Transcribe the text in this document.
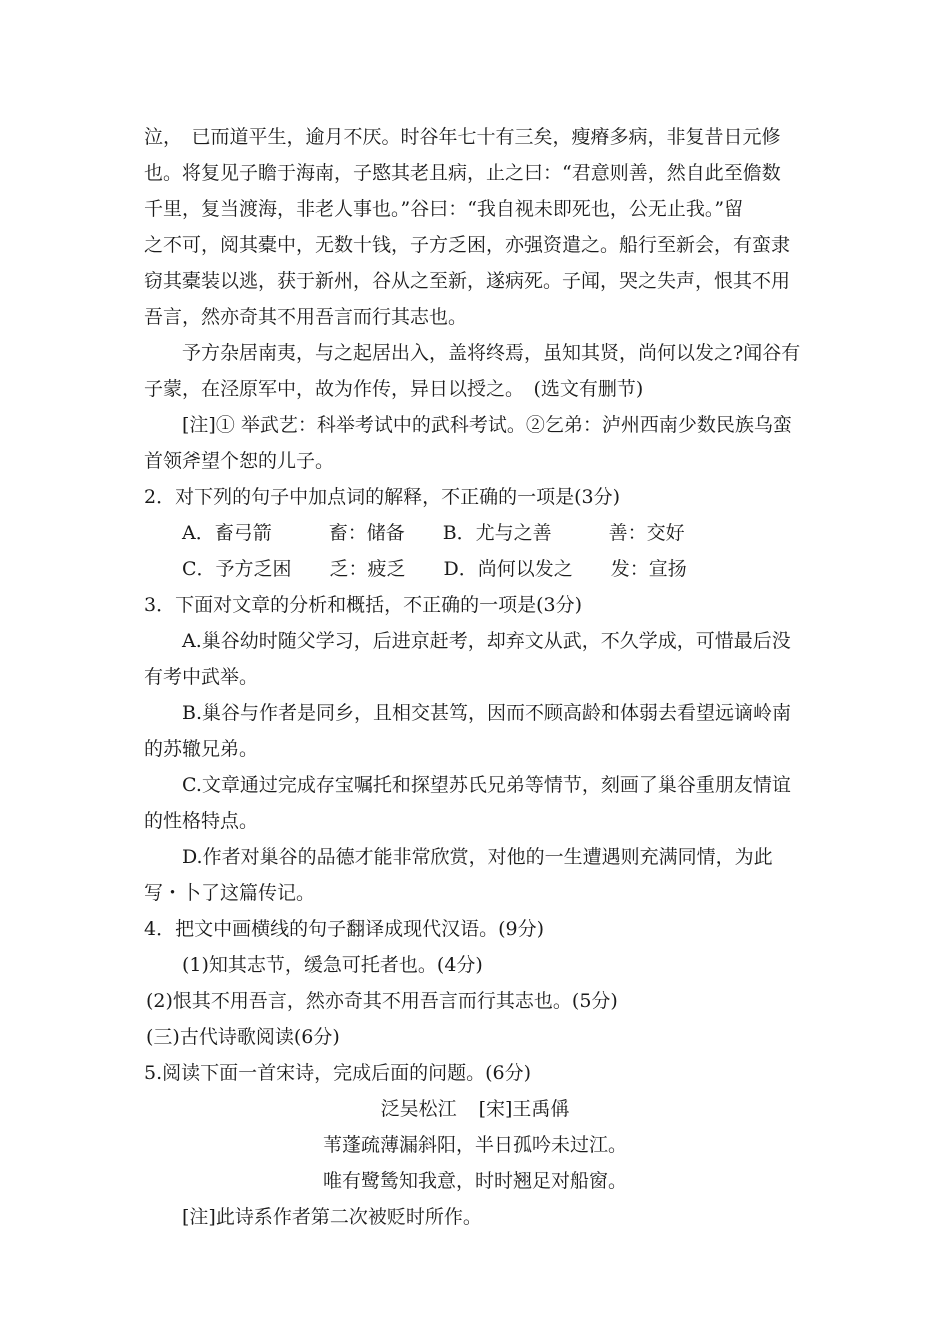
泣，　已而道平生，逾月不厌。时谷年七十有三矣，瘦瘠多病，非复昔日元修
也。将复见子瞻于海南，子愍其老且病，止之曰：“君意则善，然自此至儋数
千里，复当渡海，非老人事也。”谷曰：“我自视未即死也，公无止我。”留
之不可，阅其橐中，无数十钱，子方乏困，亦强资遣之。船行至新会，有蛮隶
窃其橐装以逃，获于新州，谷从之至新，遂病死。子闻，哭之失声，恨其不用
吾言，然亦奇其不用吾言而行其志也。
予方杂居南夷，与之起居出入，盖将终焉，虽知其贤，尚何以发之?闻谷有
子蒙，在泾原军中，故为作传，异日以授之。　(选文有删节)
[注]① 举武艺：科举考试中的武科考试。②乞弟：泸州西南少数民族乌蛮
首领斧望个恕的儿子。
2．对下列的句子中加点词的解释，不正确的一项是(3分)
A．畜弓箭　　　畜：储备　　B．尤与之善　　　善：交好
C．予方乏困　　乏：疲乏　　D．尚何以发之　　发：宣扬
3．下面对文章的分析和概括，不正确的一项是(3分)
A.巢谷幼时随父学习，后进京赶考，却弃文从武，不久学成，可惜最后没
有考中武举。
B.巢谷与作者是同乡，且相交甚笃，因而不顾高龄和体弱去看望远谪岭南
的苏辙兄弟。
C.文章通过完成存宝嘱托和探望苏氏兄弟等情节，刻画了巢谷重朋友情谊
的性格特点。
D.作者对巢谷的品德才能非常欣赏，对他的一生遭遇则充满同情，为此
写・卜了这篇传记。
4．把文中画横线的句子翻译成现代汉语。(9分)
(1)知其志节，缓急可托者也。(4分)
(2)恨其不用吾言，然亦奇其不用吾言而行其志也。(5分)
(三)古代诗歌阅读(6分)
5.阅读下面一首宋诗，完成后面的问题。(6分)
泛吴松江 [宋]王禹偁
苇蓬疏薄漏斜阳，半日孤吟未过江。
唯有鹭鸶知我意，时时翘足对船窗。
[注]此诗系作者第二次被贬时所作。
